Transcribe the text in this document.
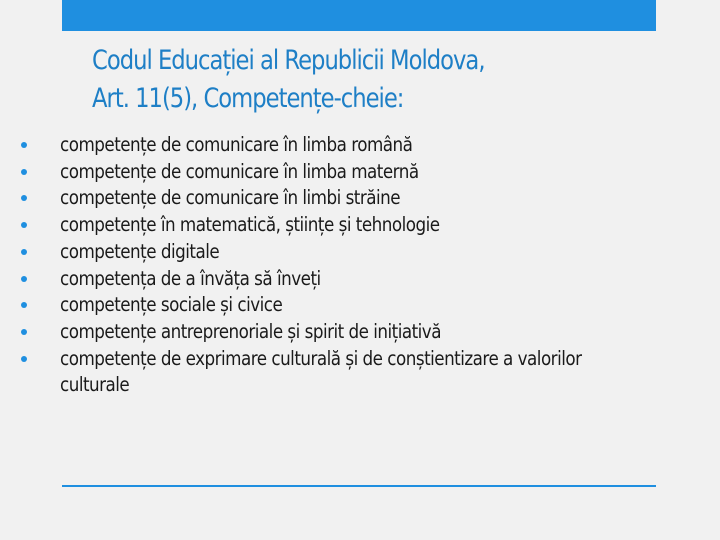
Codul Educației al Republicii Moldova,
Art. 11(5), Competențe-cheie:
competențe de comunicare în limba română
competențe de comunicare în limba maternă
competențe de comunicare în limbi străine
competențe în matematică, științe și tehnologie
competențe digitale
competența de a învăța să înveți
competențe sociale și civice
competențe antreprenoriale și spirit de inițiativă
competențe de exprimare culturală și de conștientizare a valorilor culturale
